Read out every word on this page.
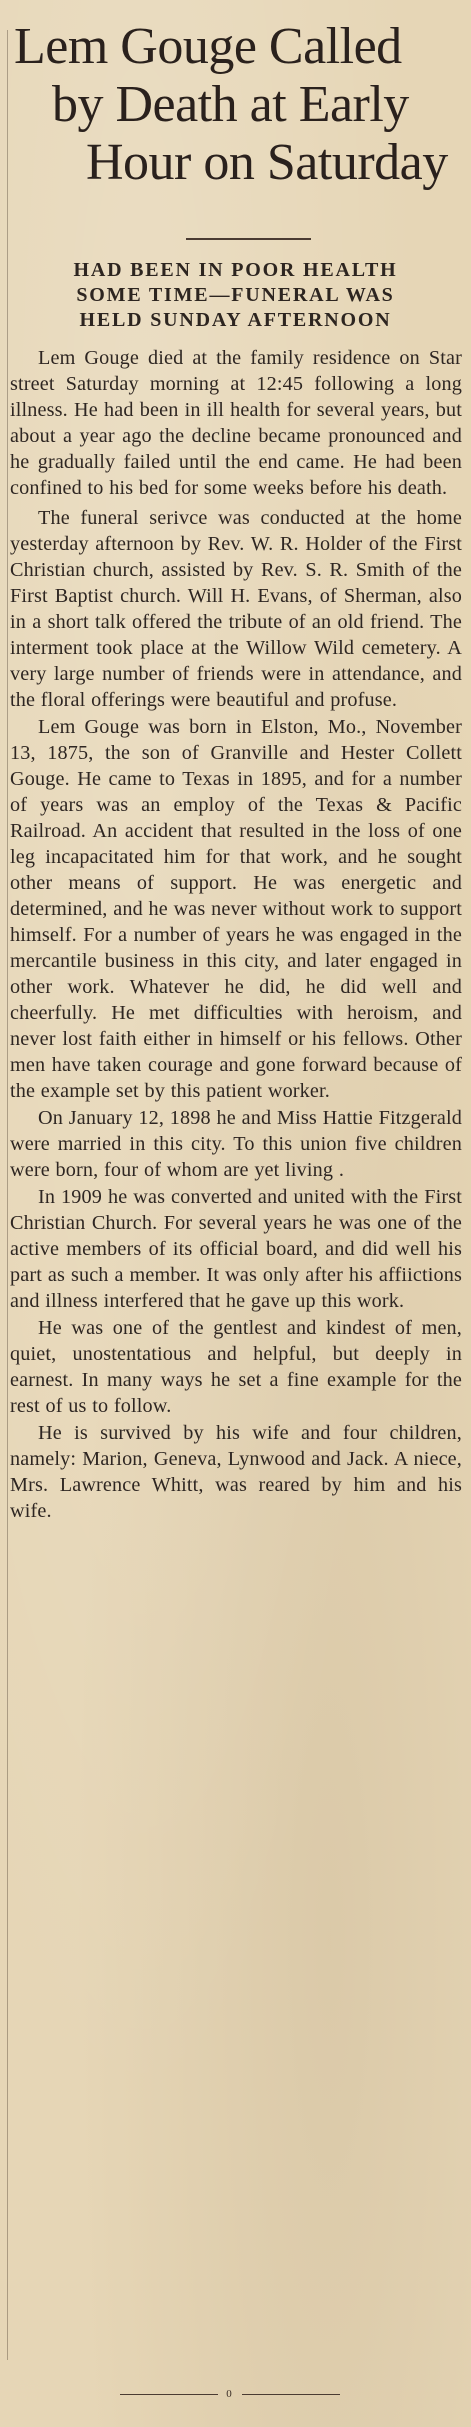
Lem Gouge Called
by Death at Early
Hour on Saturday
HAD BEEN IN POOR HEALTH
SOME TIME—FUNERAL WAS
HELD SUNDAY AFTERNOON

Lem Gouge died at the family residence on Star street Saturday morning at 12:45 following a long illness. He had been in ill health for several years, but about a year ago the decline became pronounced and he gradually failed until the end came. He had been confined to his bed for some weeks before his death.

The funeral serivce was conducted at the home yesterday afternoon by Rev. W. R. Holder of the First Christian church, assisted by Rev. S. R. Smith of the First Baptist church. Will H. Evans, of Sherman, also in a short talk offered the tribute of an old friend. The interment took place at the Willow Wild cemetery. A very large number of friends were in attendance, and the floral offerings were beautiful and profuse.

Lem Gouge was born in Elston, Mo., November 13, 1875, the son of Granville and Hester Collett Gouge. He came to Texas in 1895, and for a number of years was an employ of the Texas & Pacific Railroad. An accident that resulted in the loss of one leg incapacitated him for that work, and he sought other means of support. He was energetic and determined, and he was never without work to support himself. For a number of years he was engaged in the mercantile business in this city, and later engaged in other work. Whatever he did, he did well and cheerfully. He met difficulties with heroism, and never lost faith either in himself or his fellows. Other men have taken courage and gone forward because of the example set by this patient worker.

On January 12, 1898 he and Miss Hattie Fitzgerald were married in this city. To this union five children were born, four of whom are yet living .

In 1909 he was converted and united with the First Christian Church. For several years he was one of the active members of its official board, and did well his part as such a member. It was only after his affiictions and illness interfered that he gave up this work.

He was one of the gentlest and kindest of men, quiet, unostentatious and helpful, but deeply in earnest. In many ways he set a fine example for the rest of us to follow.

He is survived by his wife and four children, namely: Marion, Geneva, Lynwood and Jack. A niece, Mrs. Lawrence Whitt, was reared by him and his wife.

0
